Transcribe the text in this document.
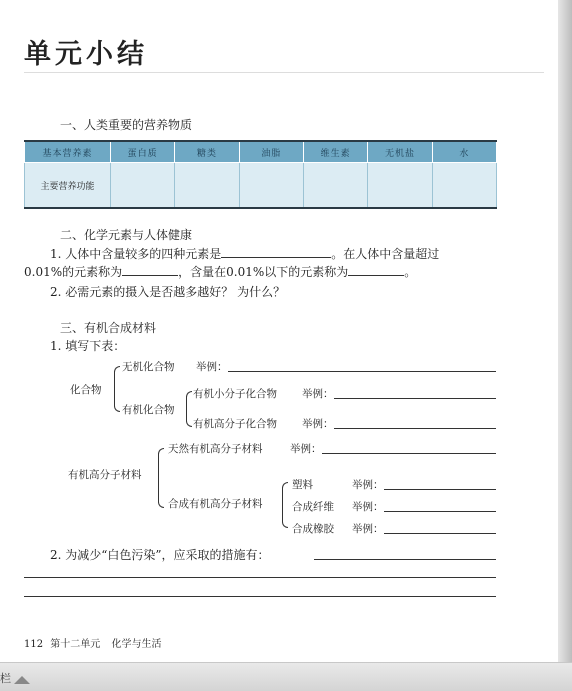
单元小结
一、人类重要的营养物质
基本营养素	蛋白质	糖类	油脂	维生素	无机盐	水
主要营养功能						
二、化学元素与人体健康
1. 人体中含量较多的四种元素是	。在人体中含量超过
0.01%的元素称为	，含量在0.01%以下的元素称为	。
2. 必需元素的摄入是否越多越好？ 为什么？
三、有机合成材料
1. 填写下表：
化合物
无机化合物 举例：
有机化合物
有机小分子化合物 举例：
有机高分子化合物 举例：
有机高分子材料
天然有机高分子材料	举例：
合成有机高分子材料
塑料	举例：
合成纤维 举例：
合成橡胶 举例：
2. 为减少“白色污染”，应采取的措施有：
112 第十二单元 化学与生活
栏
